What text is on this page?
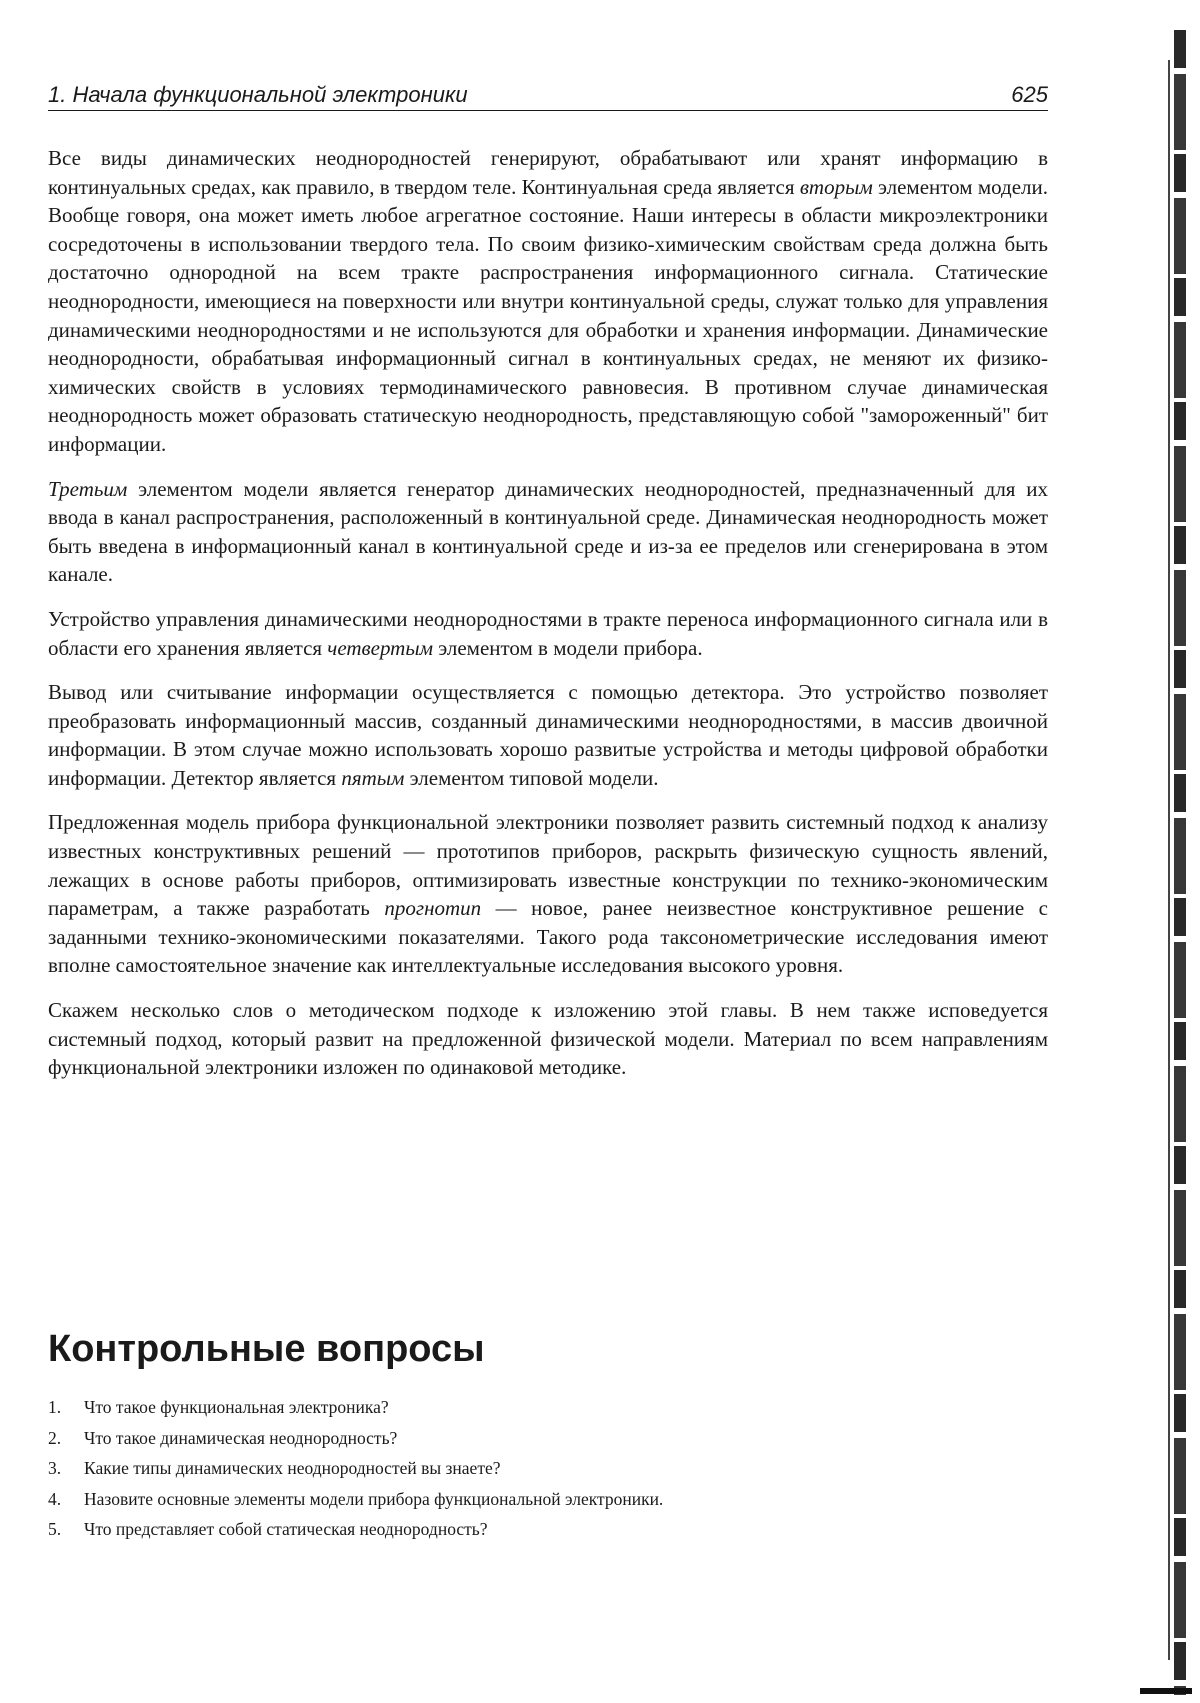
1. Начала функциональной электроники	625

Все виды динамических неоднородностей генерируют, обрабатывают или хранят информацию в континуальных средах, как правило, в твердом теле. Континуальная среда является вторым элементом модели. Вообще говоря, она может иметь любое агрегатное состояние. Наши интересы в области микроэлектроники сосредоточены в использовании твердого тела. По своим физико-химическим свойствам среда должна быть достаточно однородной на всем тракте распространения информационного сигнала. Статические неоднородности, имеющиеся на поверхности или внутри континуальной среды, служат только для управления динамическими неоднородностями и не используются для обработки и хранения информации. Динамические неоднородности, обрабатывая информационный сигнал в континуальных средах, не меняют их физико-химических свойств в условиях термодинамического равновесия. В противном случае динамическая неоднородность может образовать статическую неоднородность, представляющую собой "замороженный" бит информации.

Третьим элементом модели является генератор динамических неоднородностей, предназначенный для их ввода в канал распространения, расположенный в континуальной среде. Динамическая неоднородность может быть введена в информационный канал в континуальной среде и из-за ее пределов или сгенерирована в этом канале.

Устройство управления динамическими неоднородностями в тракте переноса информационного сигнала или в области его хранения является четвертым элементом в модели прибора.

Вывод или считывание информации осуществляется с помощью детектора. Это устройство позволяет преобразовать информационный массив, созданный динамическими неоднородностями, в массив двоичной информации. В этом случае можно использовать хорошо развитые устройства и методы цифровой обработки информации. Детектор является пятым элементом типовой модели.

Предложенная модель прибора функциональной электроники позволяет развить системный подход к анализу известных конструктивных решений — прототипов приборов, раскрыть физическую сущность явлений, лежащих в основе работы приборов, оптимизировать известные конструкции по технико-экономическим параметрам, а также разработать прогнотип — новое, ранее неизвестное конструктивное решение с заданными технико-экономическими показателями. Такого рода таксонометрические исследования имеют вполне самостоятельное значение как интеллектуальные исследования высокого уровня.

Скажем несколько слов о методическом подходе к изложению этой главы. В нем также исповедуется системный подход, который развит на предложенной физической модели. Материал по всем направлениям функциональной электроники изложен по одинаковой методике.

Контрольные вопросы
1.	Что такое функциональная электроника?
2.	Что такое динамическая неоднородность?
3.	Какие типы динамических неоднородностей вы знаете?
4.	Назовите основные элементы модели прибора функциональной электроники.
5.	Что представляет собой статическая неоднородность?
